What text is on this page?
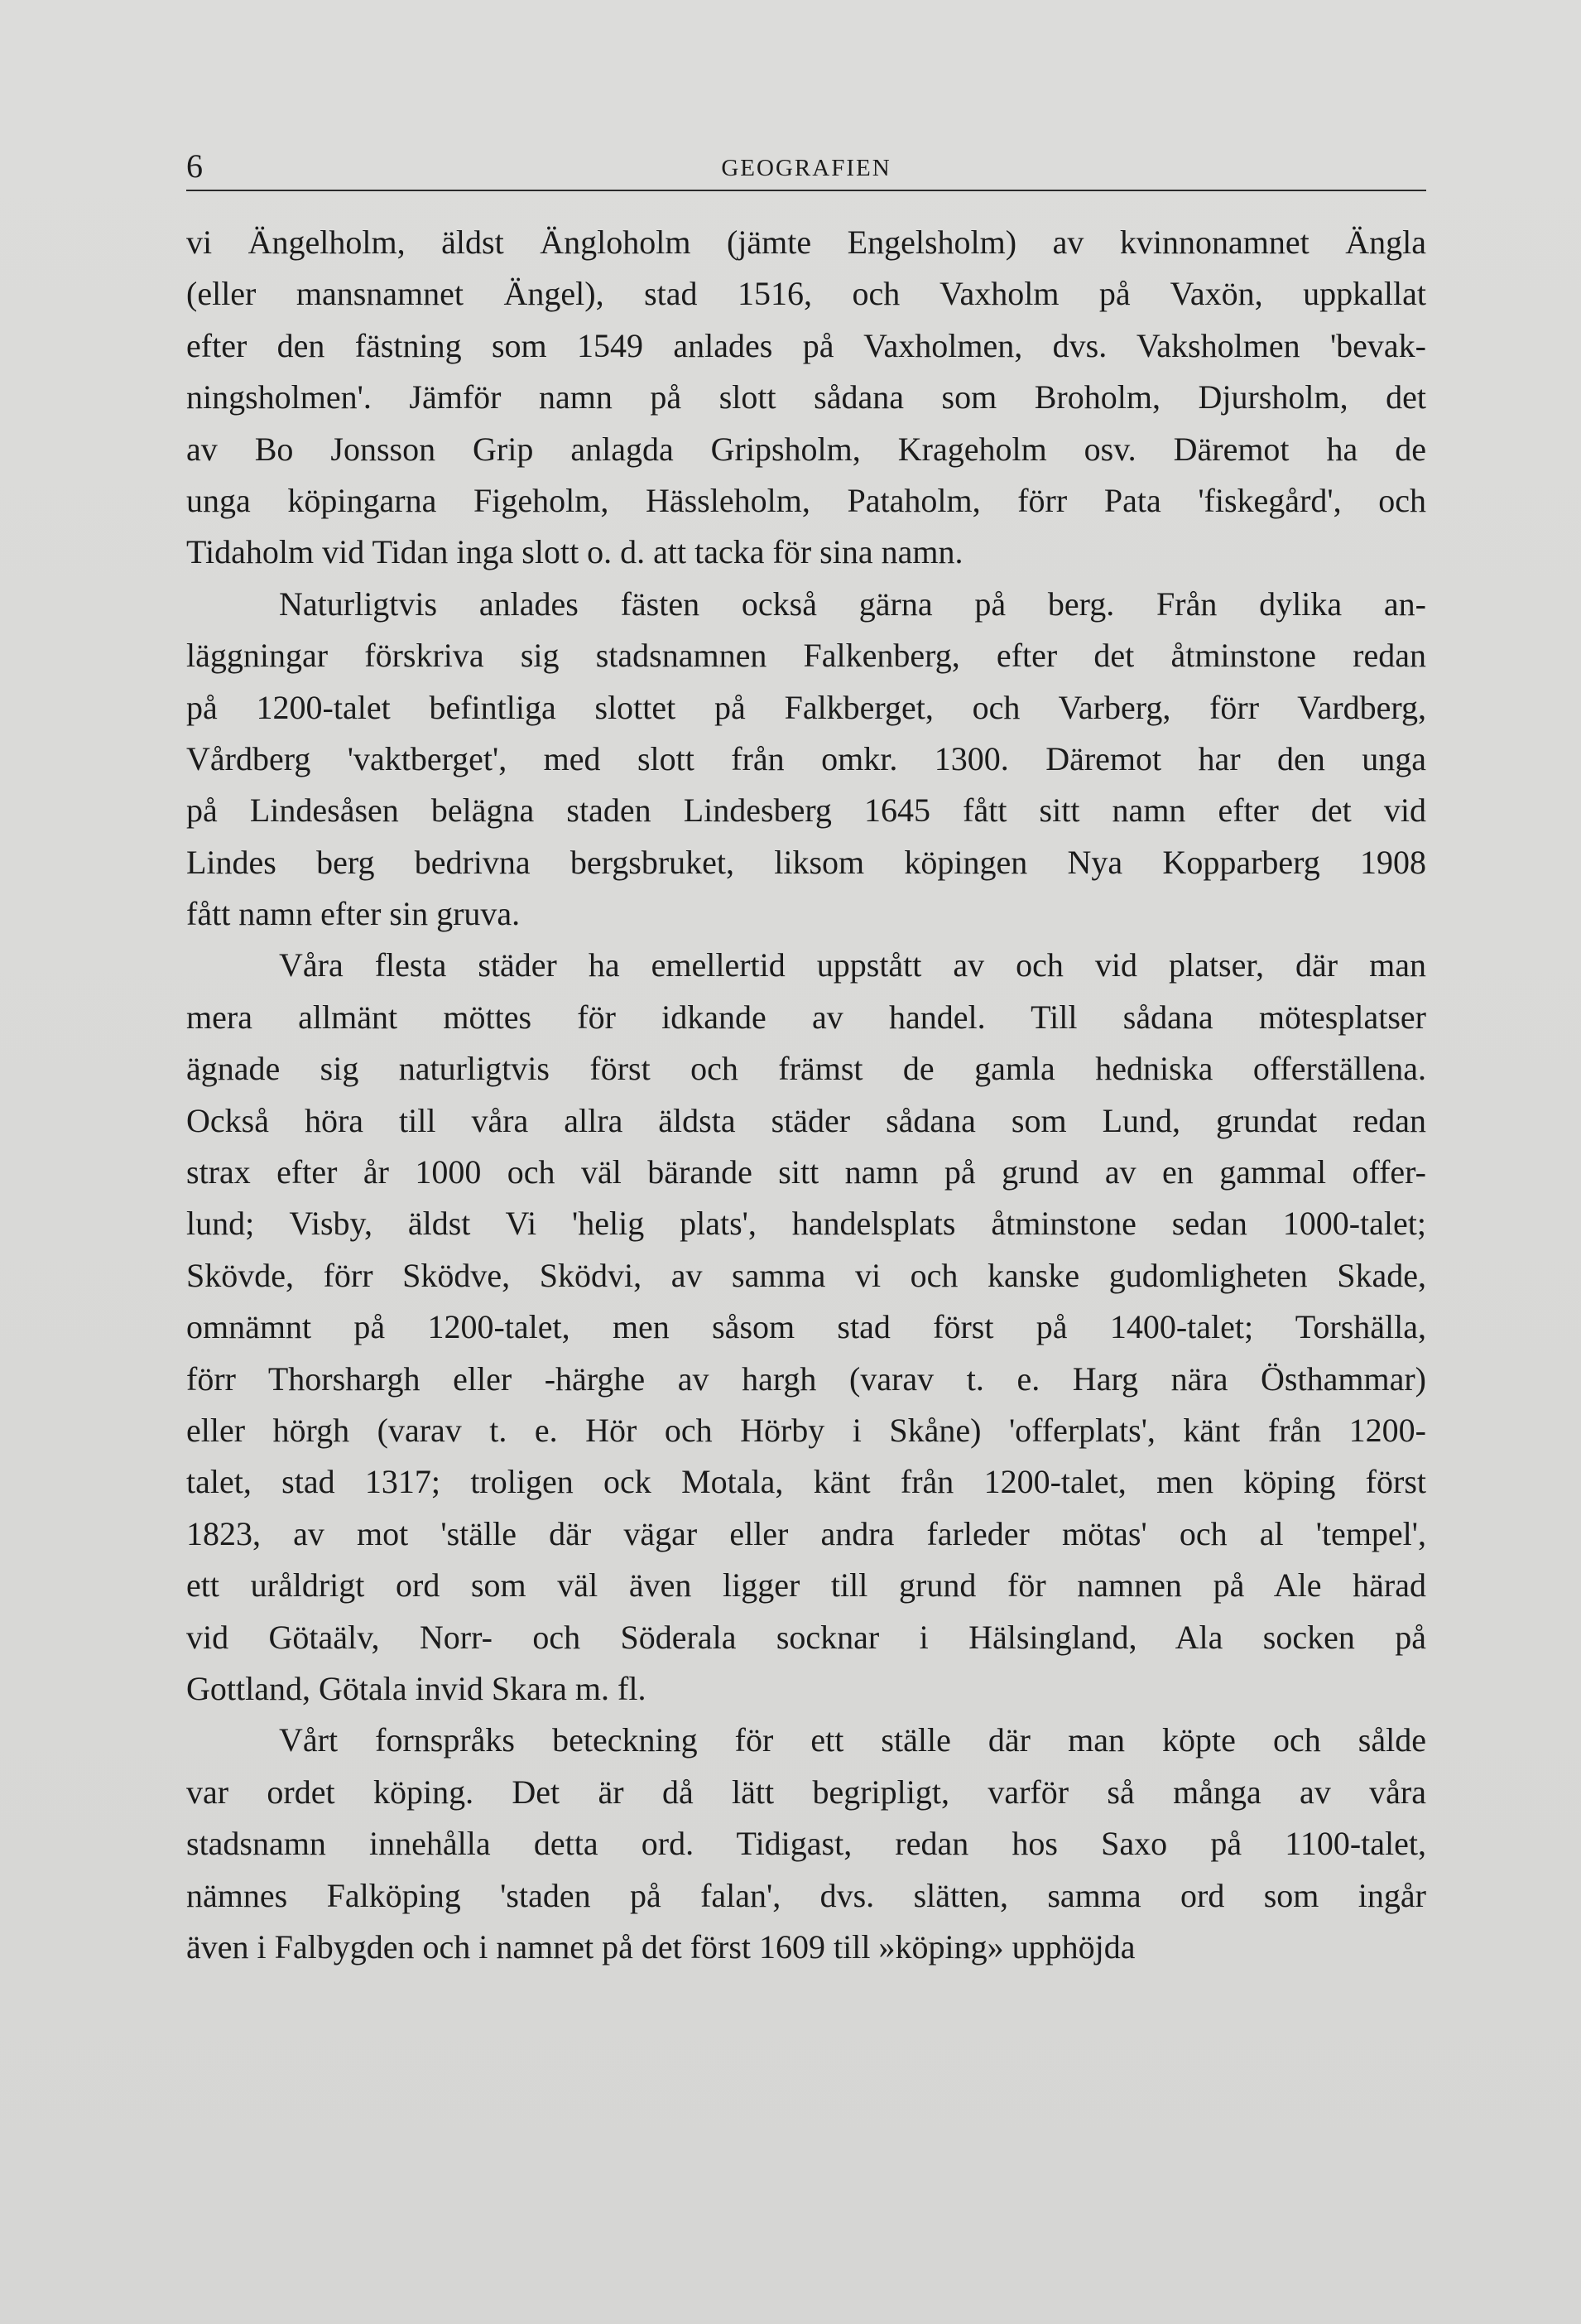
6	GEOGRAFIEN
vi Ängelholm, äldst Ängloholm (jämte Engelsholm) av kvinnonamnet Ängla
(eller mansnamnet Ängel), stad 1516, och Vaxholm på Vaxön, uppkallat
efter den fästning som 1549 anlades på Vaxholmen, dvs. Vaksholmen 'bevak-
ningsholmen'. Jämför namn på slott sådana som Broholm, Djursholm, det
av Bo Jonsson Grip anlagda Gripsholm, Krageholm osv. Däremot ha de
unga köpingarna Figeholm, Hässleholm, Pataholm, förr Pata 'fiskegård', och
Tidaholm vid Tidan inga slott o. d. att tacka för sina namn.
Naturligtvis anlades fästen också gärna på berg. Från dylika an-
läggningar förskriva sig stadsnamnen Falkenberg, efter det åtminstone redan
på 1200-talet befintliga slottet på Falkberget, och Varberg, förr Vardberg,
Vårdberg 'vaktberget', med slott från omkr. 1300. Däremot har den unga
på Lindesåsen belägna staden Lindesberg 1645 fått sitt namn efter det vid
Lindes berg bedrivna bergsbruket, liksom köpingen Nya Kopparberg 1908
fått namn efter sin gruva.
Våra flesta städer ha emellertid uppstått av och vid platser, där man
mera allmänt möttes för idkande av handel. Till sådana mötesplatser
ägnade sig naturligtvis först och främst de gamla hedniska offerställena.
Också höra till våra allra äldsta städer sådana som Lund, grundat redan
strax efter år 1000 och väl bärande sitt namn på grund av en gammal offer-
lund; Visby, äldst Vi 'helig plats', handelsplats åtminstone sedan 1000-talet;
Skövde, förr Sködve, Sködvi, av samma vi och kanske gudomligheten Skade,
omnämnt på 1200-talet, men såsom stad först på 1400-talet; Torshälla,
förr Thorshargh eller -härghe av hargh (varav t. e. Harg nära Östhammar)
eller hörgh (varav t. e. Hör och Hörby i Skåne) 'offerplats', känt från 1200-
talet, stad 1317; troligen ock Motala, känt från 1200-talet, men köping först
1823, av mot 'ställe där vägar eller andra farleder mötas' och al 'tempel',
ett uråldrigt ord som väl även ligger till grund för namnen på Ale härad
vid Götaälv, Norr- och Söderala socknar i Hälsingland, Ala socken på
Gottland, Götala invid Skara m. fl.
Vårt fornspråks beteckning för ett ställe där man köpte och sålde
var ordet köping. Det är då lätt begripligt, varför så många av våra
stadsnamn innehålla detta ord. Tidigast, redan hos Saxo på 1100-talet,
nämnes Falköping 'staden på falan', dvs. slätten, samma ord som ingår
även i Falbygden och i namnet på det först 1609 till »köping» upphöjda
